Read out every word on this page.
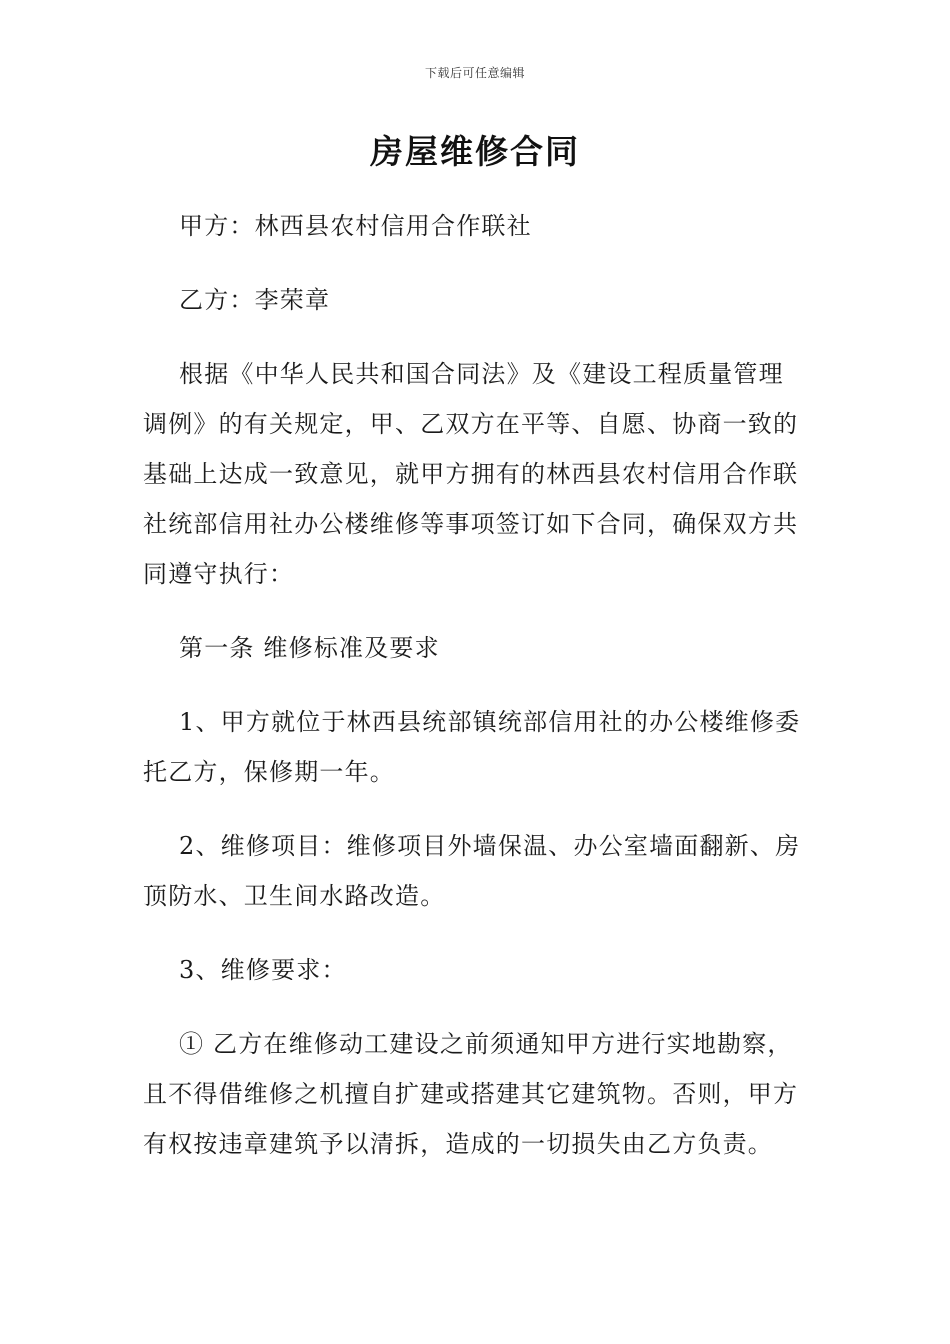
下载后可任意编辑
房屋维修合同

甲方：林西县农村信用合作联社

乙方：李荣章

根据《中华人民共和国合同法》及《建设工程质量管理调例》的有关规定，甲、乙双方在平等、自愿、协商一致的基础上达成一致意见，就甲方拥有的林西县农村信用合作联社统部信用社办公楼维修等事项签订如下合同，确保双方共同遵守执行：

第一条 维修标准及要求

1、甲方就位于林西县统部镇统部信用社的办公楼维修委托乙方，保修期一年。

2、维修项目：维修项目外墙保温、办公室墙面翻新、房顶防水、卫生间水路改造。

3、维修要求：

① 乙方在维修动工建设之前须通知甲方进行实地勘察，且不得借维修之机擅自扩建或搭建其它建筑物。否则，甲方有权按违章建筑予以清拆，造成的一切损失由乙方负责。
